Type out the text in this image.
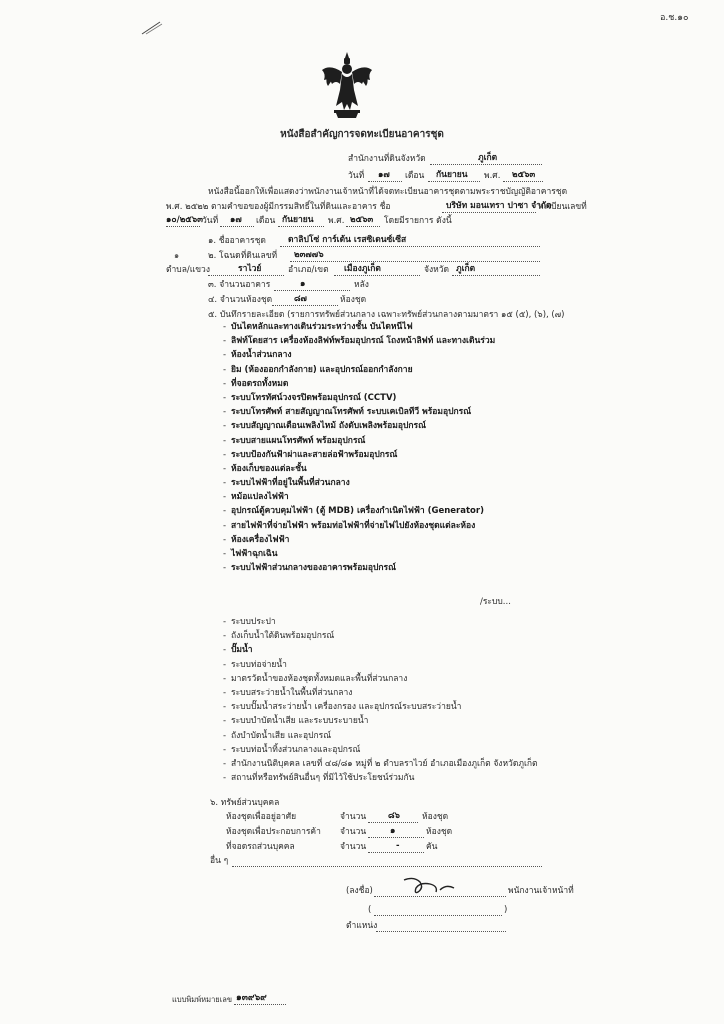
อ.ช.๑๐
หนังสือสำคัญการจดทะเบียนอาคารชุด
สำนักงานที่ดินจังหวัด	ภูเก็ต
วันที่ ๑๗ เดือน กันยายน พ.ศ. ๒๕๖๓
หนังสือนี้ออกให้เพื่อแสดงว่าพนักงานเจ้าหน้าที่ได้จดทะเบียนอาคารชุดตามพระราชบัญญัติอาคารชุด
พ.ศ. ๒๕๒๒ ตามคำขอของผู้มีกรรมสิทธิ์ในที่ดินและอาคาร ชื่อ	บริษัท มอนเทรา ปาซา จำกัด
ทะเบียนเลขที่
๑๐/๒๕๖๓ วันที่ ๑๗ เดือน กันยายน พ.ศ. ๒๕๖๓ โดยมีรายการ ดังนี้
๑. ชื่ออาคารชุด	ดาลิปโซ่ การ์เด้น เรสซิเดนซ์เซีส
๑	๒. โฉนดที่ดินเลขที่ ๒๓๗๗๖
ตำบล/แขวง	ราไวย์	อำเภอ/เขต เมืองภูเก็ต	จังหวัด ภูเก็ต
๓. จำนวนอาคาร	๑	หลัง
๔. จำนวนห้องชุด	๘๗	ห้องชุด
๕. บันทึกรายละเอียด (รายการทรัพย์ส่วนกลาง เฉพาะทรัพย์ส่วนกลางตามมาตรา ๑๕ (๕), (๖), (๗)
- บันไดหลักและทางเดินร่วมระหว่างชั้น บันไดหนีไฟ
- ลิฟท์โดยสาร เครื่องห้องลิฟท์พร้อมอุปกรณ์ โถงหน้าลิฟท์ และทางเดินร่วม
- ห้องน้ำส่วนกลาง
- ยิม (ห้องออกกำลังกาย) และอุปกรณ์ออกกำลังกาย
- ที่จอดรถทั้งหมด
- ระบบโทรทัศน์วงจรปิดพร้อมอุปกรณ์ (CCTV)
- ระบบโทรศัพท์ สายสัญญาณโทรศัพท์ ระบบเคเบิลทีวี พร้อมอุปกรณ์
- ระบบสัญญาณเตือนเพลิงไหม้ ถังดับเพลิงพร้อมอุปกรณ์
- ระบบสายแผนโทรศัพท์ พร้อมอุปกรณ์
- ระบบป้องกันฟ้าผ่าและสายล่อฟ้าพร้อมอุปกรณ์
- ห้องเก็บของแต่ละชั้น
- ระบบไฟฟ้าที่อยู่ในพื้นที่ส่วนกลาง
- หม้อแปลงไฟฟ้า
- อุปกรณ์ตู้ควบคุมไฟฟ้า (ตู้ MDB) เครื่องกำเนิดไฟฟ้า (Generator)
- สายไฟฟ้าที่จ่ายไฟฟ้า พร้อมท่อไฟฟ้าที่จ่ายไฟไปยังห้องชุดแต่ละห้อง
- ห้องเครื่องไฟฟ้า
- ไฟฟ้าฉุกเฉิน
- ระบบไฟฟ้าส่วนกลางของอาคารพร้อมอุปกรณ์
/ระบบ...
- ระบบประปา
- ถังเก็บน้ำใต้ดินพร้อมอุปกรณ์
- ปั๊มน้ำ
- ระบบท่อจ่ายน้ำ
- มาตรวัดน้ำของห้องชุดทั้งหมดและพื้นที่ส่วนกลาง
- ระบบสระว่ายน้ำในพื้นที่ส่วนกลาง
- ระบบปั๊มน้ำสระว่ายน้ำ เครื่องกรอง และอุปกรณ์ระบบสระว่ายน้ำ
- ระบบบำบัดน้ำเสีย และระบบระบายน้ำ
- ถังบำบัดน้ำเสีย และอุปกรณ์
- ระบบท่อน้ำทิ้งส่วนกลางและอุปกรณ์
- สำนักงานนิติบุคคล เลขที่ ๔๘/๘๑ หมู่ที่ ๒ ตำบลราไวย์ อำเภอเมืองภูเก็ต จังหวัดภูเก็ต
- สถานที่หรือทรัพย์สินอื่นๆ ที่มิไว้ใช้ประโยชน์ร่วมกัน
๖. ทรัพย์ส่วนบุคคล
ห้องชุดเพื่ออยู่อาศัย	จำนวน	๘๖	ห้องชุด
ห้องชุดเพื่อประกอบการค้า จำนวน	๑	ห้องชุด
ที่จอดรถส่วนบุคคล	จำนวน	-	คัน
อื่น ๆ
(ลงชื่อ)	พนักงานเจ้าหน้าที่
(	)
ตำแหน่ง
แบบพิมพ์หมายเลข ๑๓๙๖๙
